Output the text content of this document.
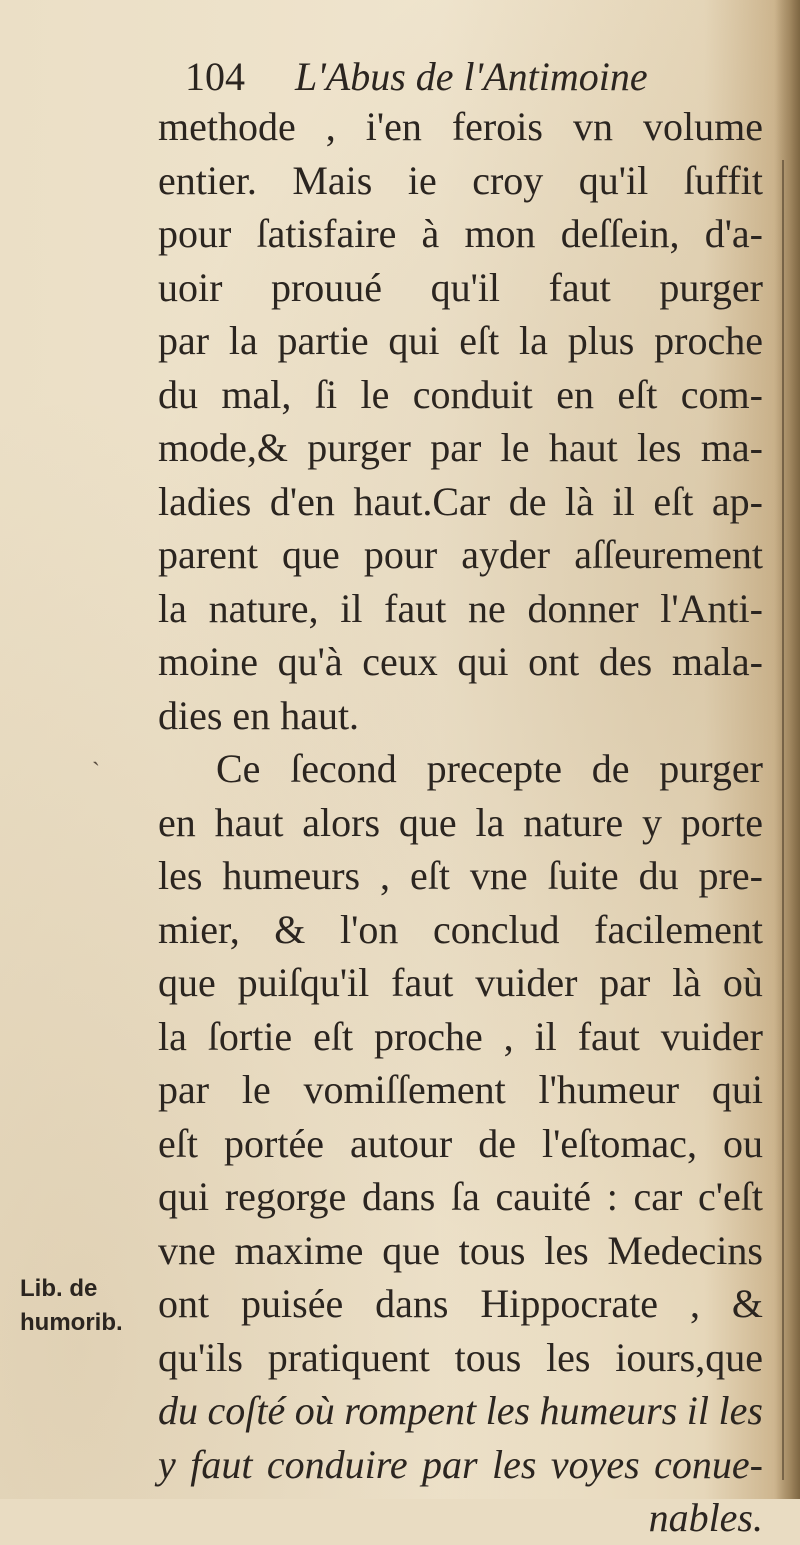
104 L'Abus de l'Antimoine
ˏ
methode , i'en ferois vn volume
entier. Mais ie croy qu'il ſuffit
pour ſatisfaire à mon deſſein, d'a-
uoir prouué qu'il faut purger
par la partie qui eſt la plus proche
du mal, ſi le conduit en eſt com-
mode,& purger par le haut les ma-
ladies d'en haut.Car de là il eſt ap-
parent que pour ayder aſſeurement
la nature, il faut ne donner l'Anti-
moine qu'à ceux qui ont des mala-
dies en haut.
Ce ſecond precepte de purger
en haut alors que la nature y porte
les humeurs , eſt vne ſuite du pre-
mier, & l'on conclud facilement
que puiſqu'il faut vuider par là où
la ſortie eſt proche , il faut vuider
par le vomiſſement l'humeur qui
eſt portée autour de l'eſtomac, ou
qui regorge dans ſa cauité : car c'eſt
vne maxime que tous les Medecins
ont puisée dans Hippocrate , &
qu'ils pratiquent tous les iours,que
du coſté où rompent les humeurs il les
y faut conduire par les voyes conue-
nables.
Lib. de
humorib.
